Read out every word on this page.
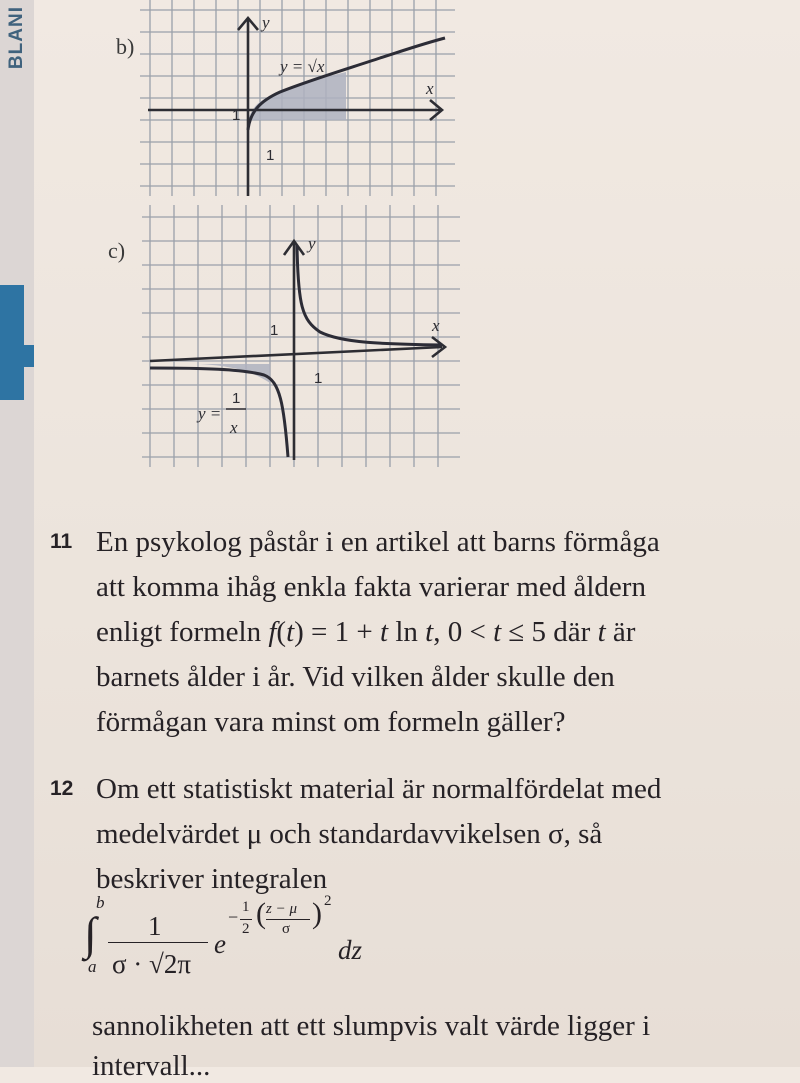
BLANI	b)
y = √x
x
y
1
1
c)
x
y
1
1
y =
1
x
11 En psykolog påstår i en artikel att barns förmåga
att komma ihåg enkla fakta varierar med åldern
enligt formeln f(t) = 1 + t ln t, 0 < t ≤ 5 där t är
barnets ålder i år. Vid vilken ålder skulle den
förmågan vara minst om formeln gäller?
12 Om ett statistiskt material är normalfördelat med
medelvärdet μ och standardavvikelsen σ, så
beskriver integralen
b
∫
a
1
σ · √2π
e
− 1
2 ( z − μ
σ ) 2
dz
sannolikheten att ett slumpvis valt värde ligger i
intervall...
